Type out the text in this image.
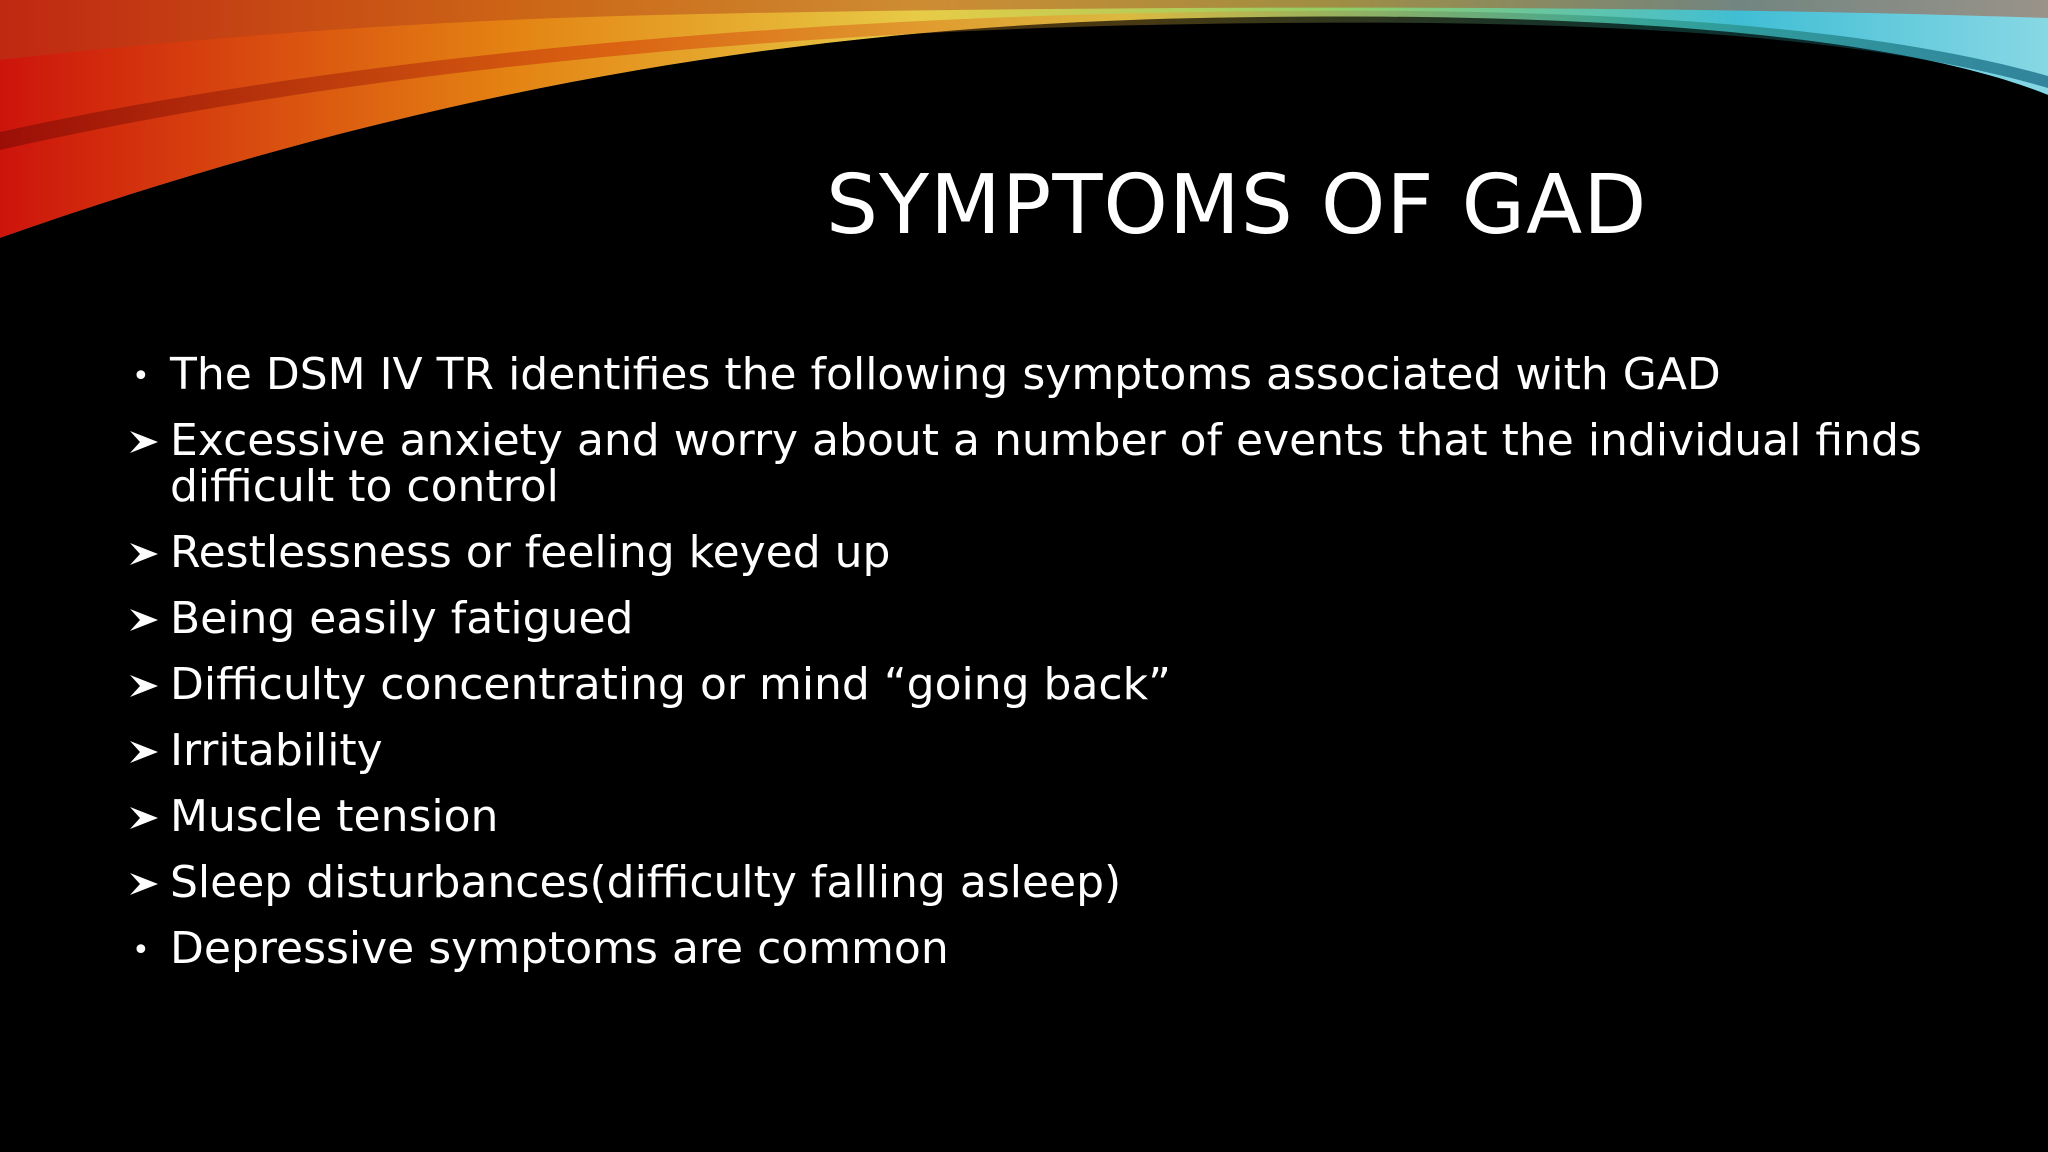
SYMPTOMS OF GAD
• The DSM IV TR identifies the following symptoms associated with GAD
Excessive anxiety and worry about a number of events that the individual finds difficult to control
Restlessness or feeling keyed up
Being easily fatigued
Difficulty concentrating or mind “going back”
Irritability
Muscle tension
Sleep disturbances(difficulty falling asleep)
• Depressive symptoms are common
